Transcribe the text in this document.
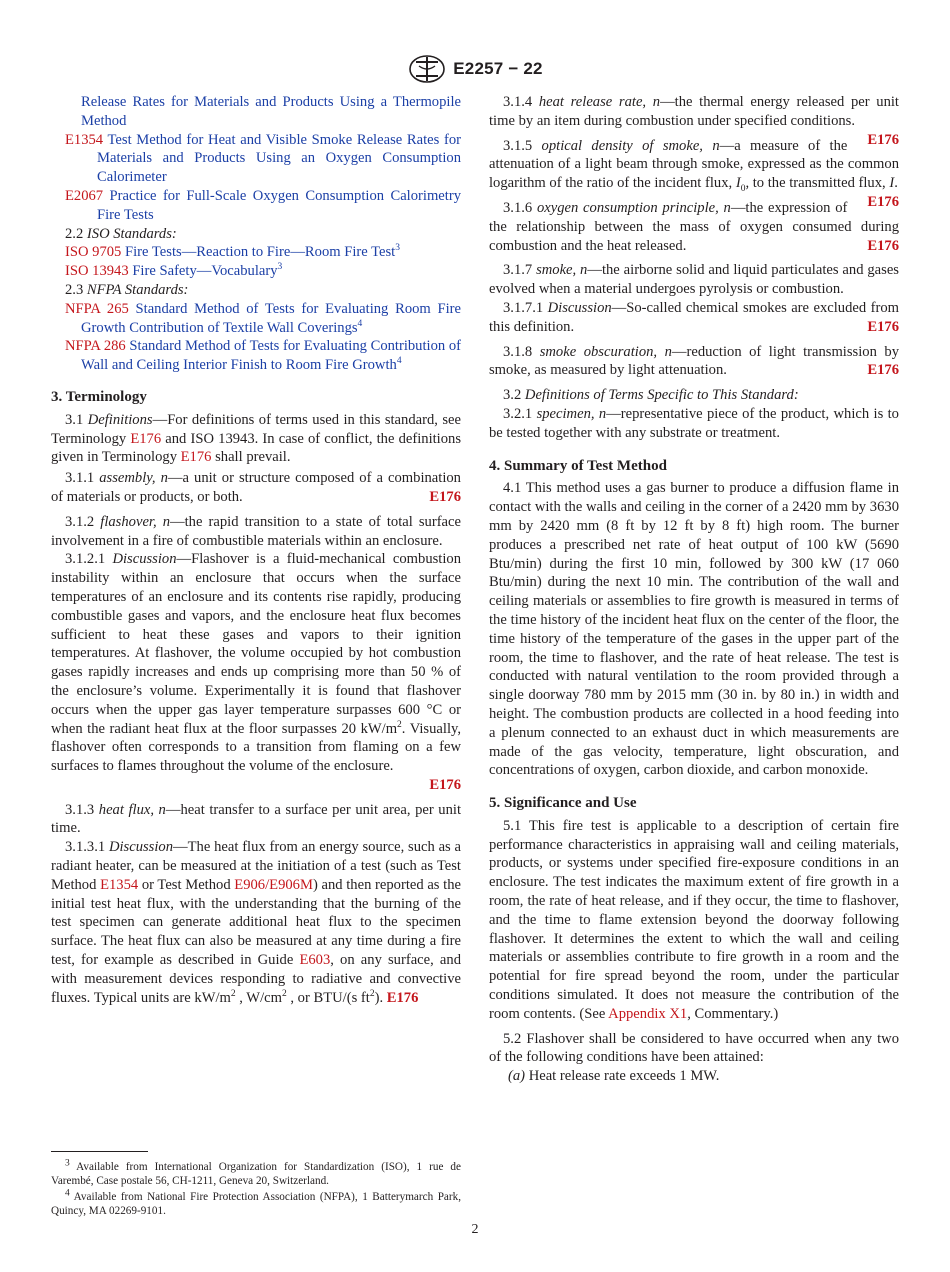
E2257 − 22

Release Rates for Materials and Products Using a Thermopile Method

E1354 Test Method for Heat and Visible Smoke Release Rates for Materials and Products Using an Oxygen Consumption Calorimeter

E2067 Practice for Full-Scale Oxygen Consumption Calorimetry Fire Tests

2.2 ISO Standards:

ISO 9705 Fire Tests—Reaction to Fire—Room Fire Test$^3$

ISO 13943 Fire Safety—Vocabulary$^3$

2.3 NFPA Standards:

NFPA 265 Standard Method of Tests for Evaluating Room Fire Growth Contribution of Textile Wall Coverings$^4$

NFPA 286 Standard Method of Tests for Evaluating Contribution of Wall and Ceiling Interior Finish to Room Fire Growth$^4$

3. Terminology

3.1 Definitions—For definitions of terms used in this standard, see Terminology E176 and ISO 13943. In case of conflict, the definitions given in Terminology E176 shall prevail.

3.1.1 assembly, n—a unit or structure composed of a combination of materials or products, or both.	E176

3.1.2 flashover, n—the rapid transition to a state of total surface involvement in a fire of combustible materials within an enclosure.

3.1.2.1 Discussion—Flashover is a fluid-mechanical combustion instability within an enclosure that occurs when the surface temperatures of an enclosure and its contents rise rapidly, producing combustible gases and vapors, and the enclosure heat flux becomes sufficient to heat these gases and vapors to their ignition temperatures. At flashover, the volume occupied by hot combustion gases rapidly increases and ends up comprising more than 50 % of the enclosure’s volume. Experimentally it is found that flashover occurs when the upper gas layer temperature surpasses 600 °C or when the radiant heat flux at the floor surpasses 20 $kW/m^2$. Visually, flashover often corresponds to a transition from flaming on a few surfaces to flames throughout the volume of the enclosure.

E176

3.1.3 heat flux, n—heat transfer to a surface per unit area, per unit time.

3.1.3.1 Discussion—The heat flux from an energy source, such as a radiant heater, can be measured at the initiation of a test (such as Test Method E1354 or Test Method E906/E906M) and then reported as the initial test heat flux, with the understanding that the burning of the test specimen can generate additional heat flux to the specimen surface. The heat flux can also be measured at any time during a fire test, for example as described in Guide E603, on any surface, and with measurement devices responding to radiative and convective fluxes. Typical units are $kW/m^2$ , $W/cm^2$ , or BTU/(s $ft^2$). E176

$^3$ Available from International Organization for Standardization (ISO), 1 rue de Varembé, Case postale 56, CH-1211, Geneva 20, Switzerland.

$^4$ Available from National Fire Protection Association (NFPA), 1 Batterymarch Park, Quincy, MA 02269-9101.

3.1.4 heat release rate, n—the thermal energy released per unit time by an item during combustion under specified conditions.
E176

3.1.5 optical density of smoke, n—a measure of the attenuation of a light beam through smoke, expressed as the common logarithm of the ratio of the incident flux, $I_0$, to the transmitted flux, I.
E176

3.1.6 oxygen consumption principle, n—the expression of the relationship between the mass of oxygen consumed during combustion and the heat released.	E176

3.1.7 smoke, n—the airborne solid and liquid particulates and gases evolved when a material undergoes pyrolysis or combustion.

3.1.7.1 Discussion—So-called chemical smokes are excluded from this definition.	E176

3.1.8 smoke obscuration, n—reduction of light transmission by smoke, as measured by light attenuation.	E176

3.2 Definitions of Terms Specific to This Standard:

3.2.1 specimen, n—representative piece of the product, which is to be tested together with any substrate or treatment.

4. Summary of Test Method

4.1 This method uses a gas burner to produce a diffusion flame in contact with the walls and ceiling in the corner of a 2420 mm by 3630 mm by 2420 mm (8 ft by 12 ft by 8 ft) high room. The burner produces a prescribed net rate of heat output of 100 kW (5690 Btu/min) during the first 10 min, followed by 300 kW (17 060 Btu/min) during the next 10 min. The contribution of the wall and ceiling materials or assemblies to fire growth is measured in terms of the time history of the incident heat flux on the center of the floor, the time history of the temperature of the gases in the upper part of the room, the time to flashover, and the rate of heat release. The test is conducted with natural ventilation to the room provided through a single doorway 780 mm by 2015 mm (30 in. by 80 in.) in width and height. The combustion products are collected in a hood feeding into a plenum connected to an exhaust duct in which measurements are made of the gas velocity, temperature, light obscuration, and concentrations of oxygen, carbon dioxide, and carbon monoxide.

5. Significance and Use

5.1 This fire test is applicable to a description of certain fire performance characteristics in appraising wall and ceiling materials, products, or systems under specified fire-exposure conditions in an enclosure. The test indicates the maximum extent of fire growth in a room, the rate of heat release, and if they occur, the time to flashover, and the time to flame extension beyond the doorway following flashover. It determines the extent to which the wall and ceiling materials or assemblies contribute to fire growth in a room and the potential for fire spread beyond the room, under the particular conditions simulated. It does not measure the contribution of the room contents. (See Appendix X1, Commentary.)

5.2 Flashover shall be considered to have occurred when any two of the following conditions have been attained:

(a) Heat release rate exceeds 1 MW.

2
